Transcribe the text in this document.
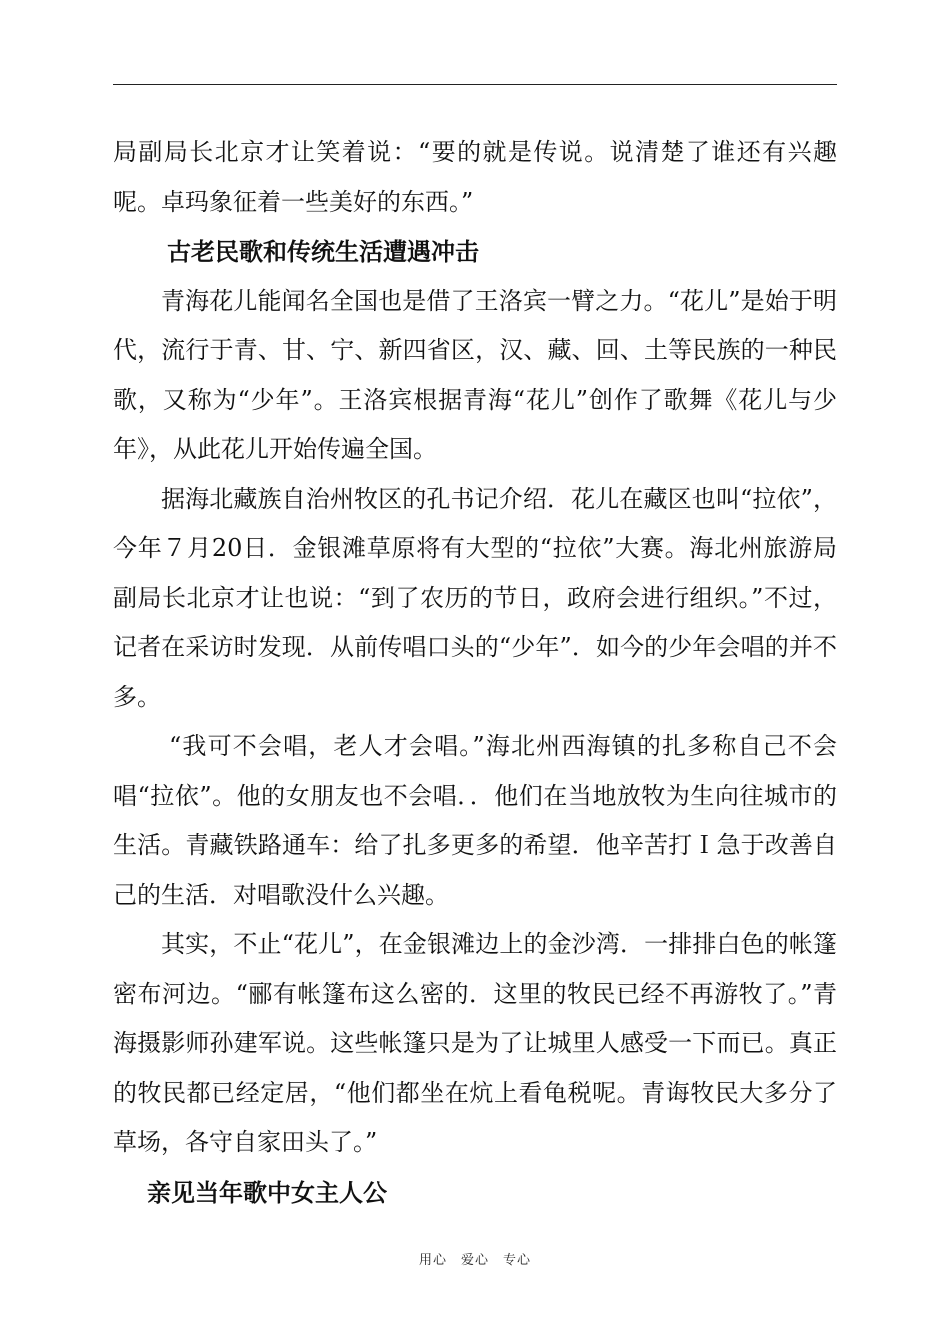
局副局长北京才让笑着说：“要的就是传说。说清楚了谁还有兴趣呢。卓玛象征着一些美好的东西。”

古老民歌和传统生活遭遇冲击

青海花儿能闻名全国也是借了王洛宾一臂之力。“花儿”是始于明代，流行于青、甘、宁、新四省区，汉、藏、回、土等民族的一种民歌，又称为“少年”。王洛宾根据青海“花儿”创作了歌舞《花儿与少年》，从此花儿开始传遍全国。

据海北藏族自治州牧区的孔书记介绍．花儿在藏区也叫“拉依”，今年７月20日．金银滩草原将有大型的“拉依”大赛。海北州旅游局副局长北京才让也说：“到了农历的节日，政府会进行组织。”不过，记者在采访时发现．从前传唱口头的“少年”．如今的少年会唱的并不多。

“我可不会唱，老人才会唱。”海北州西海镇的扎多称自己不会唱“拉依”。他的女朋友也不会唱．．他们在当地放牧为生向往城市的生活。青藏铁路通车：给了扎多更多的希望．他辛苦打Ｉ急于改善自己的生活．对唱歌没什么兴趣。

其实，不止“花儿”，在金银滩边上的金沙湾．一排排白色的帐篷密布河边。“郦有帐篷布这么密的．这里的牧民已经不再游牧了。”青海摄影师孙建军说。这些帐篷只是为了让城里人感受一下而已。真正的牧民都已经定居，“他们都坐在炕上看龟税呢。青诲牧民大多分了草场，各守自家田头了。”

亲见当年歌中女主人公

用心　爱心　专心
